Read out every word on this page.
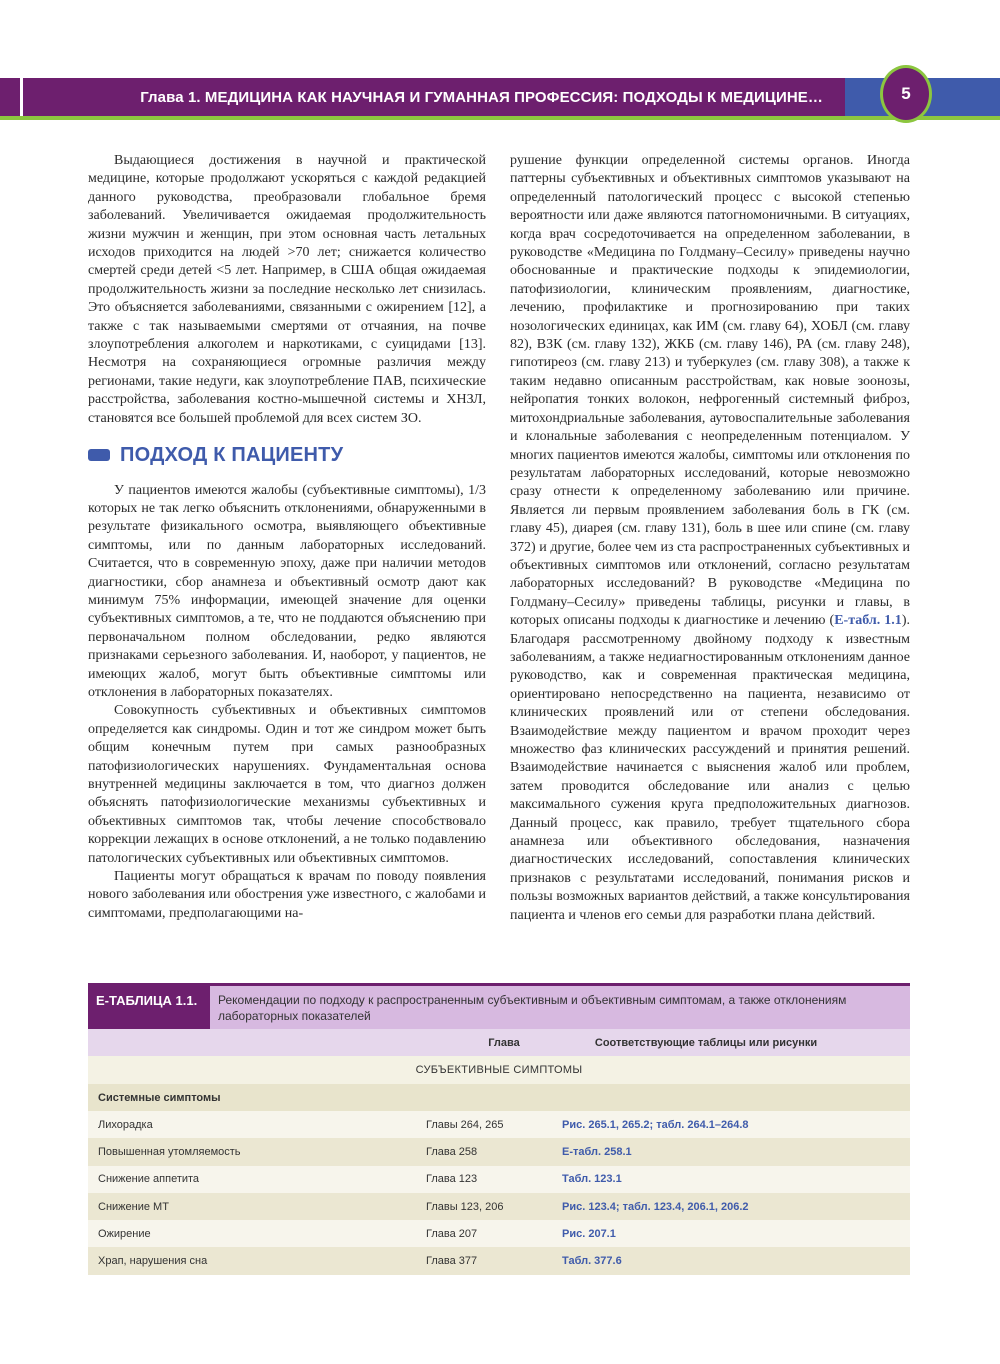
Глава 1. МЕДИЦИНА КАК НАУЧНАЯ И ГУМАННАЯ ПРОФЕССИЯ: ПОДХОДЫ К МЕДИЦИНЕ…	5

Выдающиеся достижения в научной и практической медицине, которые продолжают ускоряться с каждой редакцией данного руководства, преобразовали глобальное бремя заболеваний. Увеличивается ожидаемая продолжительность жизни мужчин и женщин, при этом основная часть летальных исходов приходится на людей >70 лет; снижается количество смертей среди детей <5 лет. Например, в США общая ожидаемая продолжительность жизни за последние несколько лет снизилась. Это объясняется заболеваниями, связанными с ожирением [12], а также с так называемыми смертями от отчаяния, на почве злоупотребления алкоголем и наркотиками, с суицидами [13]. Несмотря на сохраняющиеся огромные различия между регионами, такие недуги, как злоупотребление ПАВ, психические расстройства, заболевания костно-мышечной системы и ХНЗЛ, становятся все большей проблемой для всех систем ЗО.

ПОДХОД К ПАЦИЕНТУ

У пациентов имеются жалобы (субъективные симптомы), 1/3 которых не так легко объяснить отклонениями, обнаруженными в результате физикального осмотра, выявляющего объективные симптомы, или по данным лабораторных исследований. Считается, что в современную эпоху, даже при наличии методов диагностики, сбор анамнеза и объективный осмотр дают как минимум 75% информации, имеющей значение для оценки субъективных симптомов, а те, что не поддаются объяснению при первоначальном полном обследовании, редко являются признаками серьезного заболевания. И, наоборот, у пациентов, не имеющих жалоб, могут быть объективные симптомы или отклонения в лабораторных показателях.

Совокупность субъективных и объективных симптомов определяется как синдромы. Один и тот же синдром может быть общим конечным путем при самых разнообразных патофизиологических нарушениях. Фундаментальная основа внутренней медицины заключается в том, что диагноз должен объяснять патофизиологические механизмы субъективных и объективных симптомов так, чтобы лечение способствовало коррекции лежащих в основе отклонений, а не только подавлению патологических субъективных или объективных симптомов.

Пациенты могут обращаться к врачам по поводу появления нового заболевания или обострения уже известного, с жалобами и симптомами, предполагающими на-

рушение функции определенной системы органов. Иногда паттерны субъективных и объективных симптомов указывают на определенный патологический процесс с высокой степенью вероятности или даже являются патогномоничными. В ситуациях, когда врач сосредоточивается на определенном заболевании, в руководстве «Медицина по Голдману–Сесилу» приведены научно обоснованные и практические подходы к эпидемиологии, патофизиологии, клиническим проявлениям, диагностике, лечению, профилактике и прогнозированию при таких нозологических единицах, как ИМ (см. главу 64), ХОБЛ (см. главу 82), ВЗК (см. главу 132), ЖКБ (см. главу 146), РА (см. главу 248), гипотиреоз (см. главу 213) и туберкулез (см. главу 308), а также к таким недавно описанным расстройствам, как новые зоонозы, нейропатия тонких волокон, нефрогенный системный фиброз, митохондриальные заболевания, аутовоспалительные заболевания и клональные заболевания с неопределенным потенциалом. У многих пациентов имеются жалобы, симптомы или отклонения по результатам лабораторных исследований, которые невозможно сразу отнести к определенному заболеванию или причине. Является ли первым проявлением заболевания боль в ГК (см. главу 45), диарея (см. главу 131), боль в шее или спине (см. главу 372) и другие, более чем из ста распространенных субъективных и объективных симптомов или отклонений, согласно результатам лабораторных исследований? В руководстве «Медицина по Голдману–Сесилу» приведены таблицы, рисунки и главы, в которых описаны подходы к диагностике и лечению (Е-табл. 1.1). Благодаря рассмотренному двойному подходу к известным заболеваниям, а также недиагностированным отклонениям данное руководство, как и современная практическая медицина, ориентировано непосредственно на пациента, независимо от клинических проявлений или от степени обследования. Взаимодействие между пациентом и врачом проходит через множество фаз клинических рассуждений и принятия решений. Взаимодействие начинается с выяснения жалоб или проблем, затем проводится обследование или анализ с целью максимального сужения круга предположительных диагнозов. Данный процесс, как правило, требует тщательного сбора анамнеза или объективного обследования, назначения диагностических исследований, сопоставления клинических признаков с результатами исследований, понимания рисков и пользы возможных вариантов действий, а также консультирования пациента и членов его семьи для разработки плана действий.

Е-ТАБЛИЦА 1.1.	Рекомендации по подходу к распространенным субъективным и объективным симптомам, а также отклонениям лабораторных показателей
Глава	Соответствующие таблицы или рисунки
СУБЪЕКТИВНЫЕ СИМПТОМЫ
Системные симптомы
Лихорадка	Главы 264, 265	Рис. 265.1, 265.2; табл. 264.1–264.8
Повышенная утомляемость	Глава 258	Е-табл. 258.1
Снижение аппетита	Глава 123	Табл. 123.1
Снижение МТ	Главы 123, 206	Рис. 123.4; табл. 123.4, 206.1, 206.2
Ожирение	Глава 207	Рис. 207.1
Храп, нарушения сна	Глава 377	Табл. 377.6
